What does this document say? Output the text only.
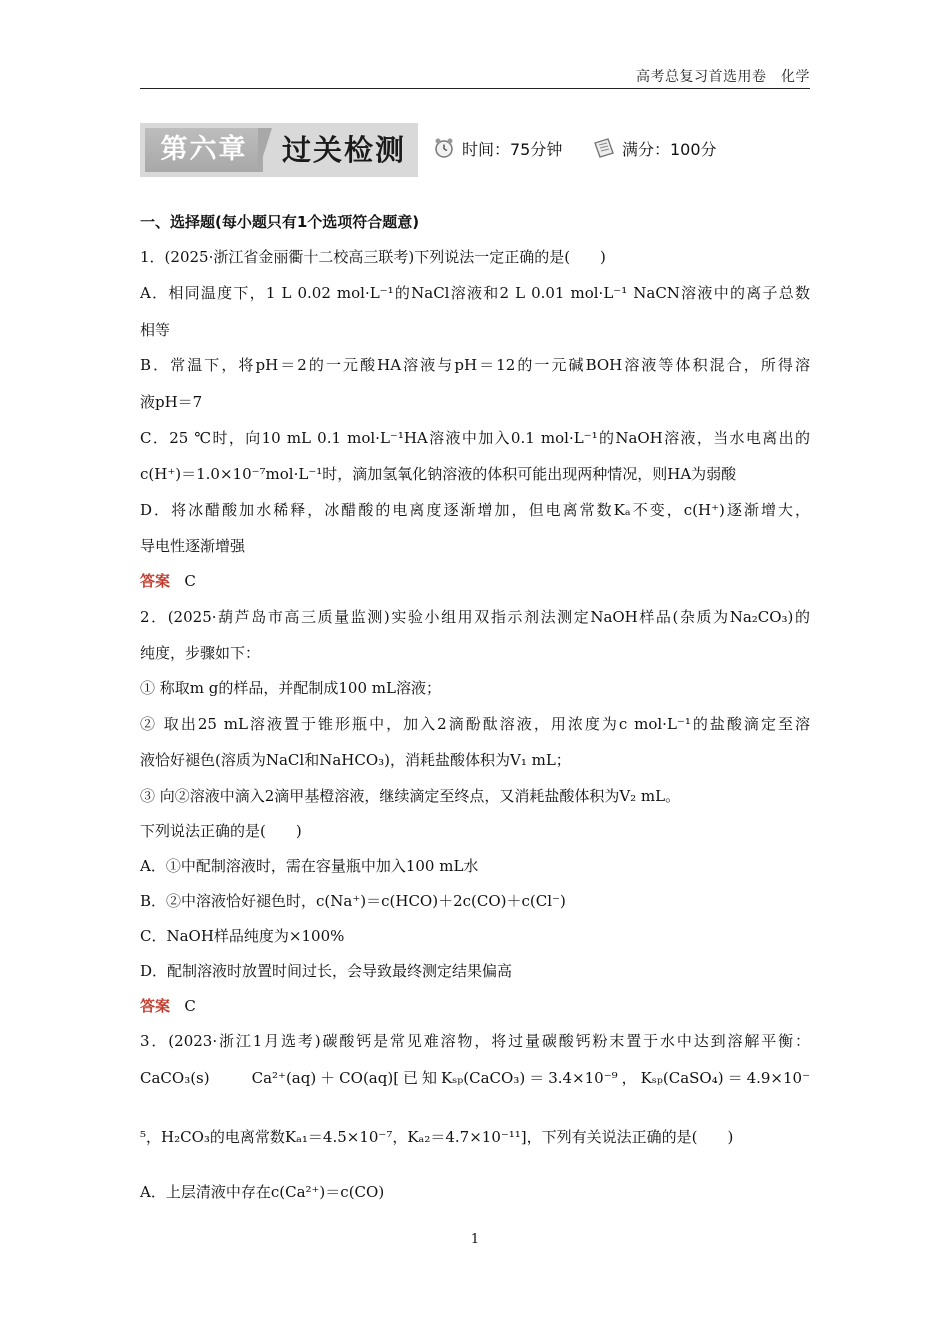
高考总复习首选用卷　化学
第六章	过关检测	时间：75分钟	满分：100分
一、选择题(每小题只有1个选项符合题意)
1．(2025·浙江省金丽衢十二校高三联考)下列说法一定正确的是(　　)
A．相同温度下，1 L 0.02 mol·L⁻¹的NaCl溶液和2 L 0.01 mol·L⁻¹ NaCN溶液中的离子总数
相等
B．常温下，将pH＝2的一元酸HA溶液与pH＝12的一元碱BOH溶液等体积混合，所得溶
液pH＝7
C．25 ℃时，向10 mL 0.1 mol·L⁻¹HA溶液中加入0.1 mol·L⁻¹的NaOH溶液，当水电离出的
c(H⁺)＝1.0×10⁻⁷mol·L⁻¹时，滴加氢氧化钠溶液的体积可能出现两种情况，则HA为弱酸
D．将冰醋酸加水稀释，冰醋酸的电离度逐渐增加，但电离常数Kₐ不变，c(H⁺)逐渐增大，
导电性逐渐增强
答案 C
2．(2025·葫芦岛市高三质量监测)实验小组用双指示剂法测定NaOH样品(杂质为Na₂CO₃)的
纯度，步骤如下：
① 称取m g的样品，并配制成100 mL溶液；
② 取出25 mL溶液置于锥形瓶中，加入2滴酚酞溶液，用浓度为c mol·L⁻¹的盐酸滴定至溶
液恰好褪色(溶质为NaCl和NaHCO₃)，消耗盐酸体积为V₁ mL；
③ 向②溶液中滴入2滴甲基橙溶液，继续滴定至终点，又消耗盐酸体积为V₂ mL。
下列说法正确的是(　　)
A．①中配制溶液时，需在容量瓶中加入100 mL水
B．②中溶液恰好褪色时，c(Na⁺)＝c(HCO)＋2c(CO)＋c(Cl⁻)
C．NaOH样品纯度为×100%
D．配制溶液时放置时间过长，会导致最终测定结果偏高
答案 C
3．(2023·浙江1月选考)碳酸钙是常见难溶物，将过量碳酸钙粉末置于水中达到溶解平衡：
CaCO₃(s)　　Ca²⁺(aq)＋CO(aq)[已知Kₛₚ(CaCO₃)＝3.4×10⁻⁹，Kₛₚ(CaSO₄)＝4.9×10⁻
⁵，H₂CO₃的电离常数Kₐ₁＝4.5×10⁻⁷，Kₐ₂＝4.7×10⁻¹¹]，下列有关说法正确的是(　　)
A．上层清液中存在c(Ca²⁺)＝c(CO)
1
